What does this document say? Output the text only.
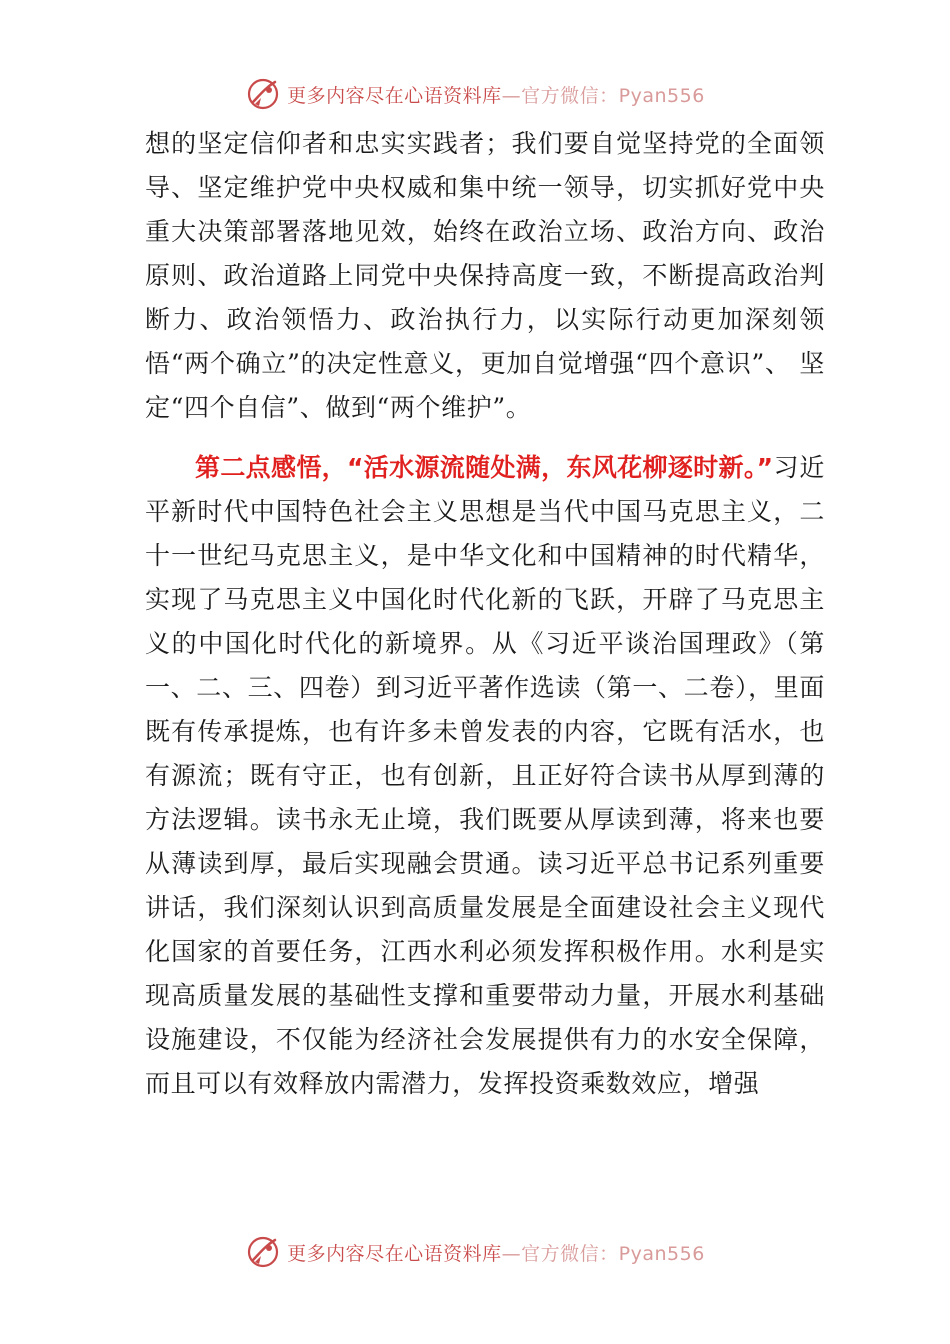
更多内容尽在心语资料库—官方微信：Pyan556

想的坚定信仰者和忠实实践者；我们要自觉坚持党的全面领导、坚定维护党中央权威和集中统一领导，切实抓好党中央重大决策部署落地见效，始终在政治立场、政治方向、政治原则、政治道路上同党中央保持高度一致，不断提高政治判断力、政治领悟力、政治执行力，以实际行动更加深刻领悟“两个确立”的决定性意义，更加自觉增强“四个意识”、 坚定“四个自信”、做到“两个维护”。

第二点感悟，“活水源流随处满，东风花柳逐时新。”习近平新时代中国特色社会主义思想是当代中国马克思主义，二十一世纪马克思主义，是中华文化和中国精神的时代精华，实现了马克思主义中国化时代化新的飞跃，开辟了马克思主义的中国化时代化的新境界。从《习近平谈治国理政》（第一、二、三、四卷）到习近平著作选读（第一、二卷），里面既有传承提炼，也有许多未曾发表的内容，它既有活水，也有源流；既有守正，也有创新，且正好符合读书从厚到薄的方法逻辑。读书永无止境，我们既要从厚读到薄，将来也要从薄读到厚，最后实现融会贯通。读习近平总书记系列重要讲话，我们深刻认识到高质量发展是全面建设社会主义现代化国家的首要任务，江西水利必须发挥积极作用。水利是实现高质量发展的基础性支撑和重要带动力量，开展水利基础设施建设，不仅能为经济社会发展提供有力的水安全保障，而且可以有效释放内需潜力，发挥投资乘数效应，增强

更多内容尽在心语资料库—官方微信：Pyan556
